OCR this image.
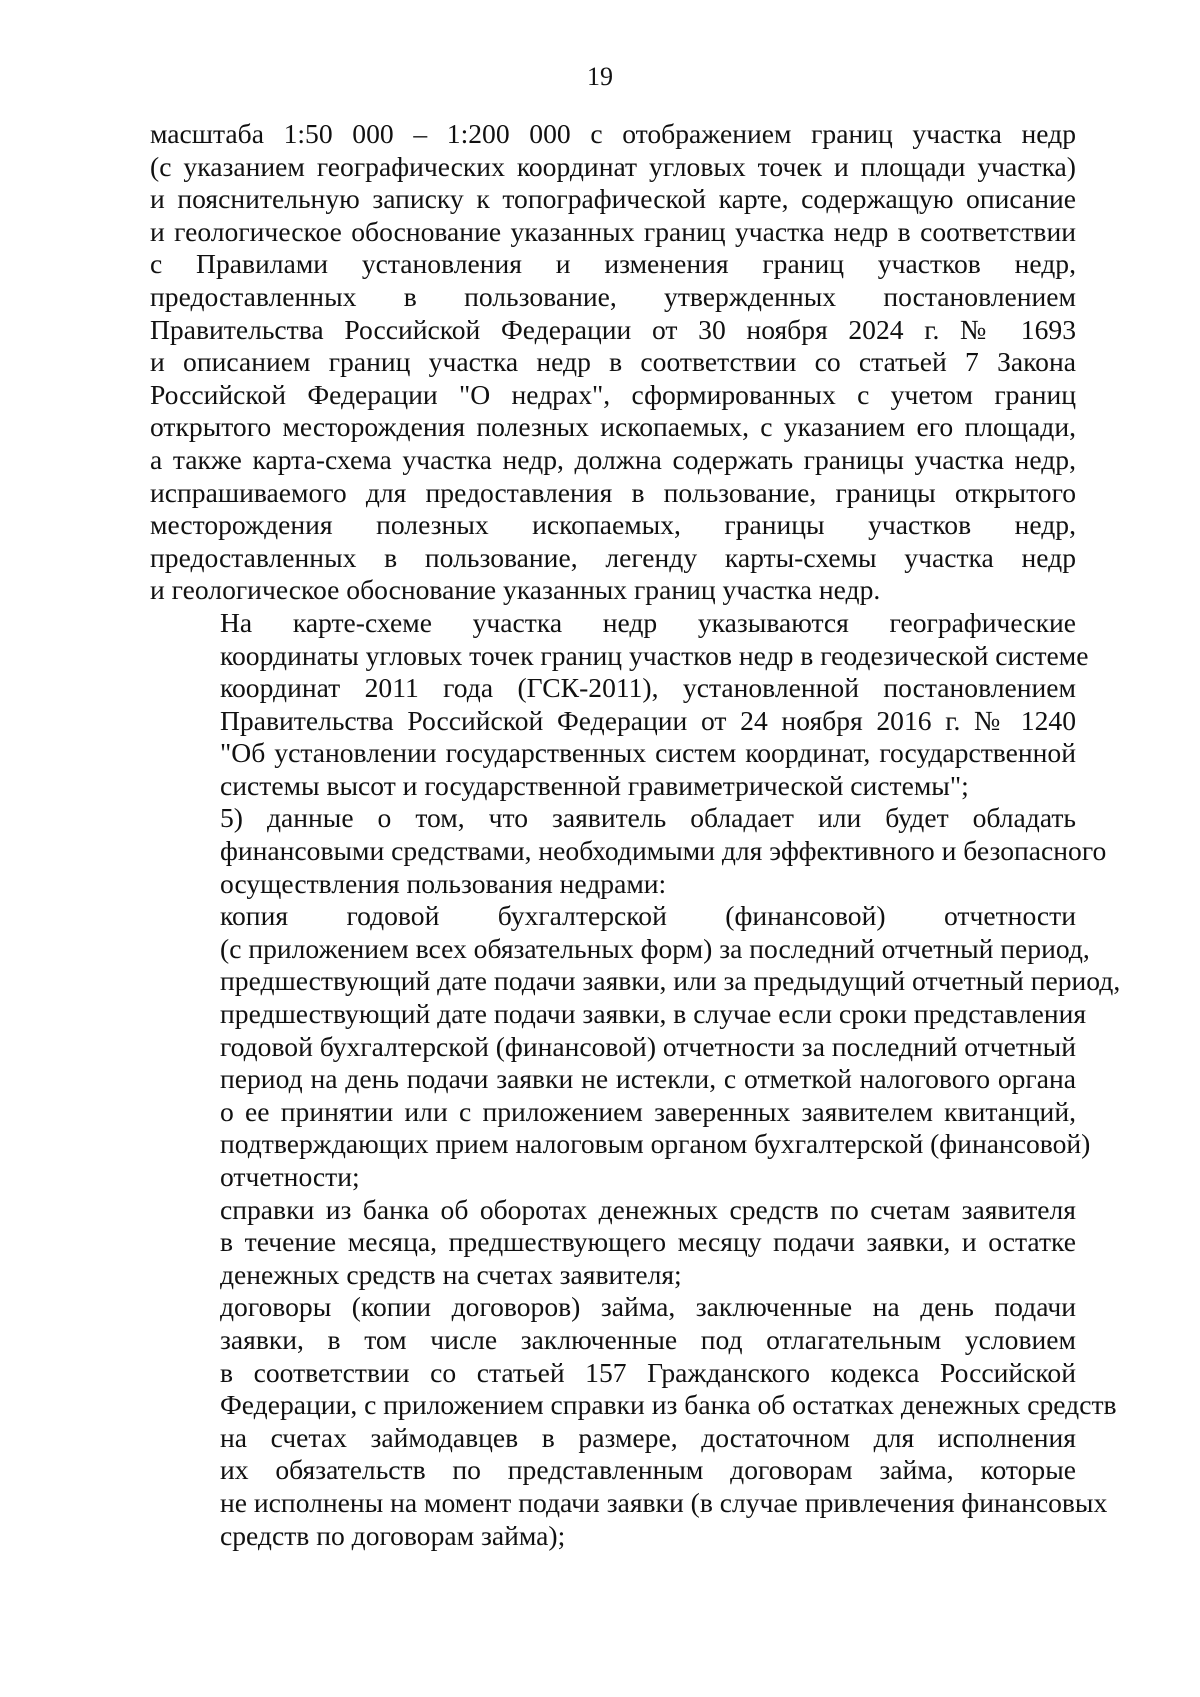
19

масштаба 1:50 000 – 1:200 000 с отображением границ участка недр
(с указанием географических координат угловых точек и площади участка)
и пояснительную записку к топографической карте, содержащую описание
и геологическое обоснование указанных границ участка недр в соответствии
с Правилами установления и изменения границ участков недр,
предоставленных в пользование, утвержденных постановлением
Правительства Российской Федерации от 30 ноября 2024 г. № 1693
и описанием границ участка недр в соответствии со статьей 7 Закона
Российской Федерации "О недрах", сформированных с учетом границ
открытого месторождения полезных ископаемых, с указанием его площади,
а также карта-схема участка недр, должна содержать границы участка недр,
испрашиваемого для предоставления в пользование, границы открытого
месторождения полезных ископаемых, границы участков недр,
предоставленных в пользование, легенду карты-схемы участка недр
и геологическое обоснование указанных границ участка недр.

На карте-схеме участка недр указываются географические
координаты угловых точек границ участков недр в геодезической системе
координат 2011 года (ГСК-2011), установленной постановлением
Правительства Российской Федерации от 24 ноября 2016 г. № 1240
"Об установлении государственных систем координат, государственной
системы высот и государственной гравиметрической системы";

5) данные о том, что заявитель обладает или будет обладать
финансовыми средствами, необходимыми для эффективного и безопасного
осуществления пользования недрами:

копия годовой бухгалтерской (финансовой) отчетности
(с приложением всех обязательных форм) за последний отчетный период,
предшествующий дате подачи заявки, или за предыдущий отчетный период,
предшествующий дате подачи заявки, в случае если сроки представления
годовой бухгалтерской (финансовой) отчетности за последний отчетный
период на день подачи заявки не истекли, с отметкой налогового органа
о ее принятии или с приложением заверенных заявителем квитанций,
подтверждающих прием налоговым органом бухгалтерской (финансовой)
отчетности;

справки из банка об оборотах денежных средств по счетам заявителя
в течение месяца, предшествующего месяцу подачи заявки, и остатке
денежных средств на счетах заявителя;

договоры (копии договоров) займа, заключенные на день подачи
заявки, в том числе заключенные под отлагательным условием
в соответствии со статьей 157 Гражданского кодекса Российской
Федерации, с приложением справки из банка об остатках денежных средств
на счетах займодавцев в размере, достаточном для исполнения
их обязательств по представленным договорам займа, которые
не исполнены на момент подачи заявки (в случае привлечения финансовых
средств по договорам займа);
